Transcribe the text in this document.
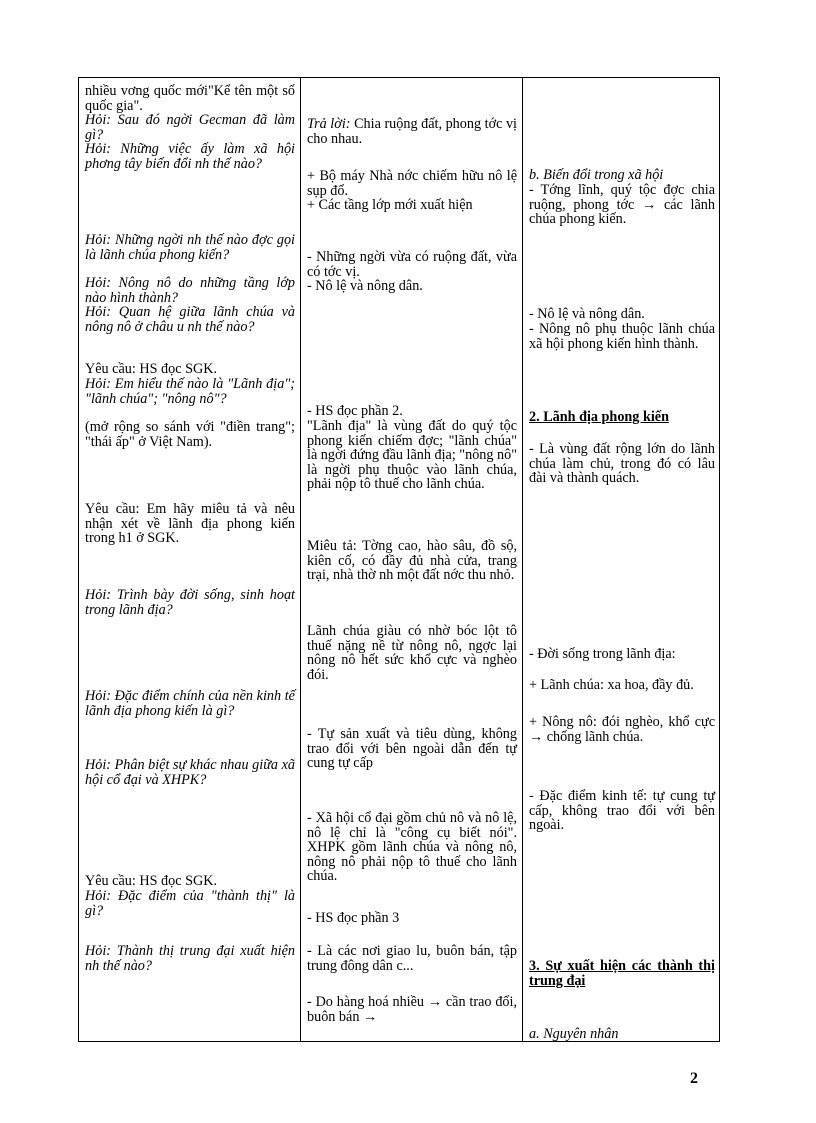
nhiều vơng quốc mới"Kể tên một số quốc gia".

Hỏi: Sau đó ngời Gecman đã làm gì?

Hỏi: Những việc ấy làm xã hội phơng tây biến đổi nh thế nào?

Hỏi: Những ngời nh thế nào đợc gọi là lãnh chúa phong kiến?

Hỏi: Nông nô do những tầng lớp nào hình thành?

Hỏi: Quan hệ giữa lãnh chúa và nông nô ở châu u nh thế nào?

Yêu cầu: HS đọc SGK.

Hỏi: Em hiểu thế nào là "Lãnh địa"; "lãnh chúa"; "nông nô"?

(mở rộng so sánh với "điền trang"; "thái ấp" ở Việt Nam).

Yêu cầu: Em hãy miêu tả và nêu nhận xét về lãnh địa phong kiến trong h1 ở SGK.

Hỏi: Trình bày đời sống, sinh hoạt trong lãnh địa?

Hỏi: Đặc điểm chính của nền kinh tế lãnh địa phong kiến là gì?

Hỏi: Phân biệt sự khác nhau giữa xã hội cổ đại và XHPK?

Yêu cầu: HS đọc SGK.

Hỏi: Đặc điểm của "thành thị" là gì?

Hỏi: Thành thị trung đại xuất hiện nh thế nào?

Trả lời: Chia ruộng đất, phong tớc vị cho nhau.

+ Bộ máy Nhà nớc chiếm hữu nô lệ sụp đổ.

+ Các tầng lớp mới xuất hiện

- Những ngời vừa có ruộng đất, vừa có tớc vị.

- Nô lệ và nông dân.

- HS đọc phần 2.

"Lãnh địa" là vùng đất do quý tộc phong kiến chiếm đợc; "lãnh chúa" là ngời đứng đầu lãnh địa; "nông nô" là ngời phụ thuộc vào lãnh chúa, phải nộp tô thuế cho lãnh chúa.

Miêu tả: Tờng cao, hào sâu, đồ sộ, kiên cố, có đầy đủ nhà cửa, trang trại, nhà thờ nh một đất nớc thu nhỏ.

Lãnh chúa giàu có nhờ bóc lột tô thuế nặng nề từ nông nô, ngợc lại nông nô hết sức khổ cực và nghèo đói.

- Tự sản xuất và tiêu dùng, không trao đổi với bên ngoài dẫn đến tự cung tự cấp

- Xã hội cổ đại gồm chủ nô và nô lệ, nô lệ chỉ là "công cụ biết nói". XHPK gồm lãnh chúa và nông nô, nông nô phải nộp tô thuế cho lãnh chúa.

- HS đọc phần 3

- Là các nơi giao lu, buôn bán, tập trung đông dân c...

- Do hàng hoá nhiều → cần trao đổi, buôn bán →

b. Biến đổi trong xã hội

- Tớng lĩnh, quý tộc đợc chia ruộng, phong tớc → các lãnh chúa phong kiến.

- Nô lệ và nông dân.

- Nông nô phụ thuộc lãnh chúa xã hội phong kiến hình thành.

2. Lãnh địa phong kiến

- Là vùng đất rộng lớn do lãnh chúa làm chủ, trong đó có lâu đài và thành quách.

- Đời sống trong lãnh địa:

+ Lãnh chúa: xa hoa, đầy đủ.

+ Nông nô: đói nghèo, khổ cực → chống lãnh chúa.

- Đặc điểm kinh tế: tự cung tự cấp, không trao đổi với bên ngoài.

3. Sự xuất hiện các thành thị trung đại

a. Nguyên nhân

2
